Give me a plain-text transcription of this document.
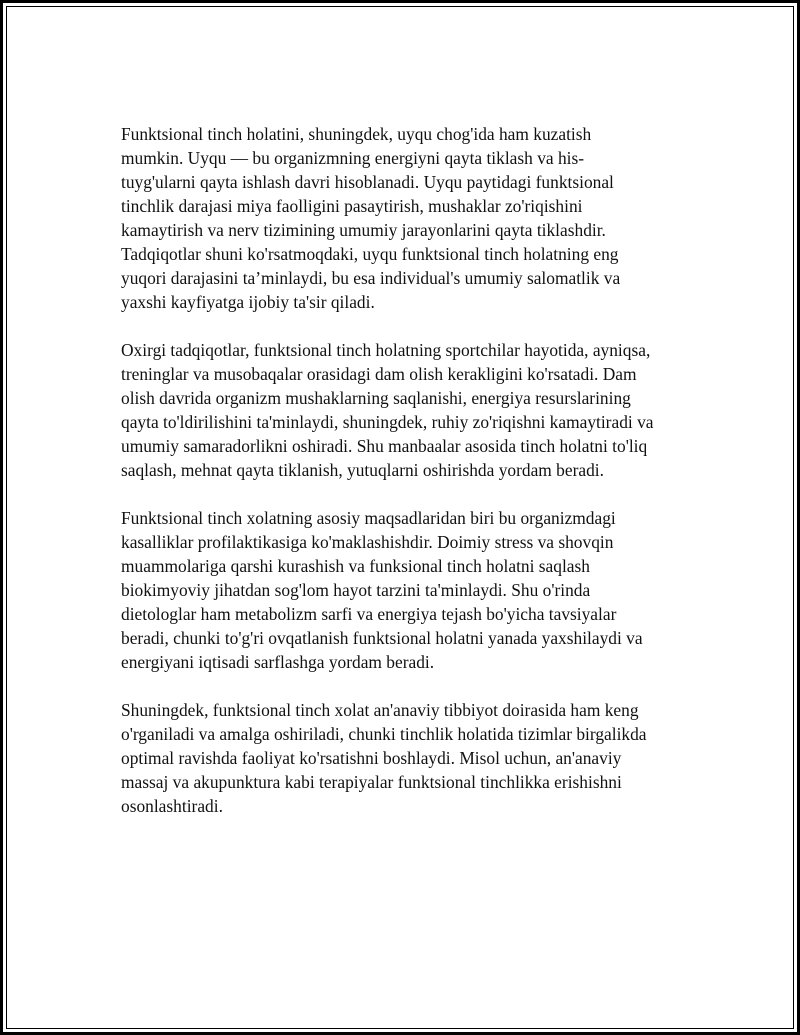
Funktsional tinch holatini, shuningdek, uyqu chog'ida ham kuzatish
mumkin. Uyqu — bu organizmning energiyni qayta tiklash va his-
tuyg'ularni qayta ishlash davri hisoblanadi. Uyqu paytidagi funktsional
tinchlik darajasi miya faolligini pasaytirish, mushaklar zo'riqishini
kamaytirish va nerv tizimining umumiy jarayonlarini qayta tiklashdir.
Tadqiqotlar shuni ko'rsatmoqdaki, uyqu funktsional tinch holatning eng
yuqori darajasini ta’minlaydi, bu esa individual's umumiy salomatlik va
yaxshi kayfiyatga ijobiy ta'sir qiladi.
Oxirgi tadqiqotlar, funktsional tinch holatning sportchilar hayotida, ayniqsa,
treninglar va musobaqalar orasidagi dam olish kerakligini ko'rsatadi. Dam
olish davrida organizm mushaklarning saqlanishi, energiya resurslarining
qayta to'ldirilishini ta'minlaydi, shuningdek, ruhiy zo'riqishni kamaytiradi va
umumiy samaradorlikni oshiradi. Shu manbaalar asosida tinch holatni to'liq
saqlash, mehnat qayta tiklanish, yutuqlarni oshirishda yordam beradi.
Funktsional tinch xolatning asosiy maqsadlaridan biri bu organizmdagi
kasalliklar profilaktikasiga ko'maklashishdir. Doimiy stress va shovqin
muammolariga qarshi kurashish va funksional tinch holatni saqlash
biokimyoviy jihatdan sog'lom hayot tarzini ta'minlaydi. Shu o'rinda
dietologlar ham metabolizm sarfi va energiya tejash bo'yicha tavsiyalar
beradi, chunki to'g'ri ovqatlanish funktsional holatni yanada yaxshilaydi va
energiyani iqtisadi sarflashga yordam beradi.
Shuningdek, funktsional tinch xolat an'anaviy tibbiyot doirasida ham keng
o'rganiladi va amalga oshiriladi, chunki tinchlik holatida tizimlar birgalikda
optimal ravishda faoliyat ko'rsatishni boshlaydi. Misol uchun, an'anaviy
massaj va akupunktura kabi terapiyalar funktsional tinchlikka erishishni
osonlashtiradi.
